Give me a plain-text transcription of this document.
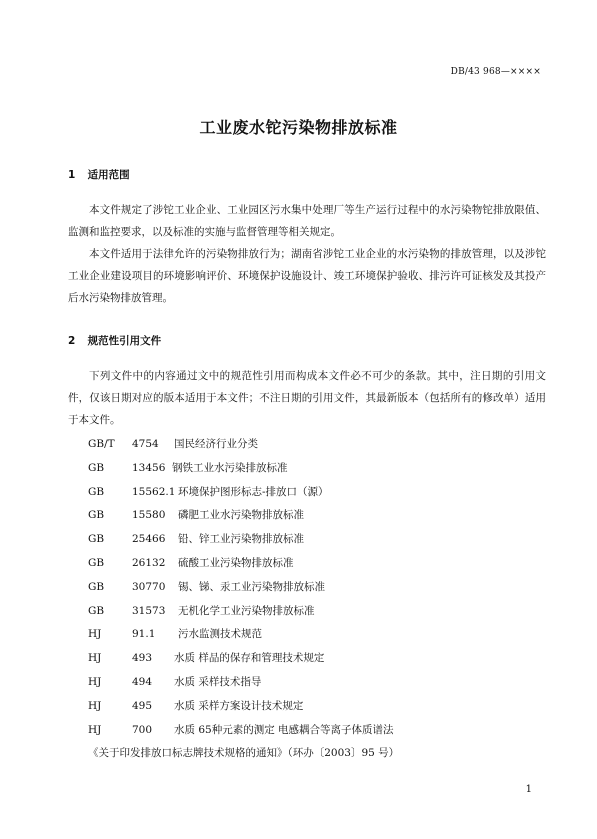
DB/43 968—××××
工业废水铊污染物排放标准
1 适用范围
本文件规定了涉铊工业企业、工业园区污水集中处理厂等生产运行过程中的水污染物铊排放限值、监测和监控要求，以及标准的实施与监督管理等相关规定。
本文件适用于法律允许的污染物排放行为；湖南省涉铊工业企业的水污染物的排放管理，以及涉铊工业企业建设项目的环境影响评价、环境保护设施设计、竣工环境保护验收、排污许可证核发及其投产后水污染物排放管理。
2 规范性引用文件
下列文件中的内容通过文中的规范性引用而构成本文件必不可少的条款。其中，注日期的引用文件，仅该日期对应的版本适用于本文件；不注日期的引用文件，其最新版本（包括所有的修改单）适用于本文件。
GB/T 4754 国民经济行业分类
GB	13456 钢铁工业水污染排放标准
GB	15562.1 环境保护图形标志-排放口（源）
GB	15580 磷肥工业水污染物排放标准
GB	25466 铅、锌工业污染物排放标准
GB	26132 硫酸工业污染物排放标准
GB	30770 锡、锑、汞工业污染物排放标准
GB	31573 无机化学工业污染物排放标准
HJ	91.1 污水监测技术规范
HJ	493 水质 样品的保存和管理技术规定
HJ	494 水质 采样技术指导
HJ	495 水质 采样方案设计技术规定
HJ	700 水质 65种元素的测定 电感耦合等离子体质谱法
《关于印发排放口标志牌技术规格的通知》（环办〔2003〕95 号）
1
